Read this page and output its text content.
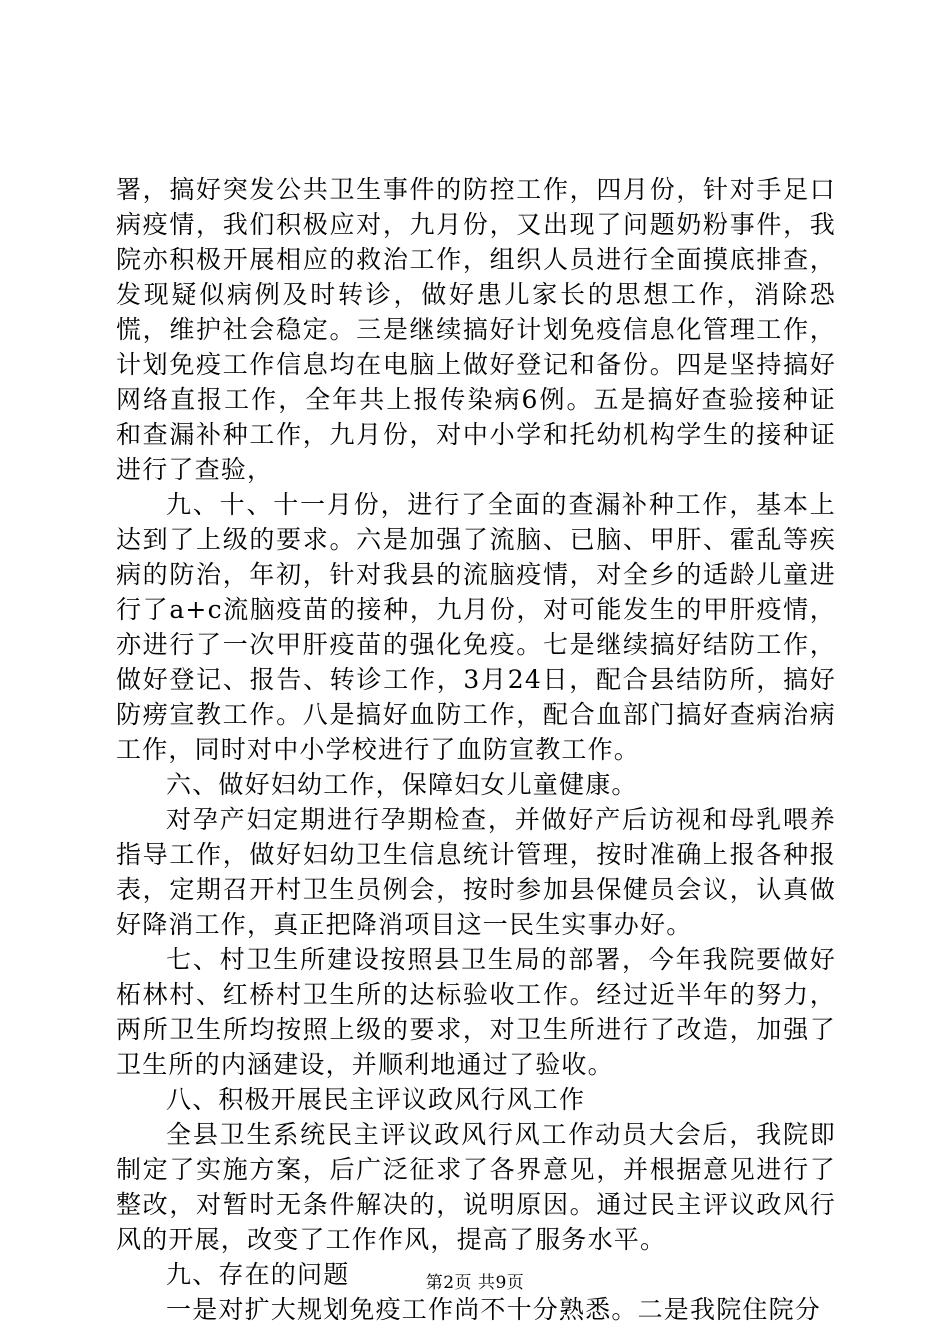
署，搞好突发公共卫生事件的防控工作，四月份，针对手足口病疫情，我们积极应对，九月份，又出现了问题奶粉事件，我院亦积极开展相应的救治工作，组织人员进行全面摸底排查，发现疑似病例及时转诊，做好患儿家长的思想工作，消除恐慌，维护社会稳定。三是继续搞好计划免疫信息化管理工作，计划免疫工作信息均在电脑上做好登记和备份。四是坚持搞好网络直报工作，全年共上报传染病6例。五是搞好查验接种证和查漏补种工作，九月份，对中小学和托幼机构学生的接种证进行了查验，

九、十、十一月份，进行了全面的查漏补种工作，基本上达到了上级的要求。六是加强了流脑、已脑、甲肝、霍乱等疾病的防治，年初，针对我县的流脑疫情，对全乡的适龄儿童进行了a+c流脑疫苗的接种，九月份，对可能发生的甲肝疫情，亦进行了一次甲肝疫苗的强化免疫。七是继续搞好结防工作，做好登记、报告、转诊工作，3月24日，配合县结防所，搞好防痨宣教工作。八是搞好血防工作，配合血部门搞好查病治病工作，同时对中小学校进行了血防宣教工作。

六、做好妇幼工作，保障妇女儿童健康。

对孕产妇定期进行孕期检查，并做好产后访视和母乳喂养指导工作，做好妇幼卫生信息统计管理，按时准确上报各种报表，定期召开村卫生员例会，按时参加县保健员会议，认真做好降消工作，真正把降消项目这一民生实事办好。

七、村卫生所建设按照县卫生局的部署，今年我院要做好柘林村、红桥村卫生所的达标验收工作。经过近半年的努力，两所卫生所均按照上级的要求，对卫生所进行了改造，加强了卫生所的内涵建设，并顺利地通过了验收。

八、积极开展民主评议政风行风工作

全县卫生系统民主评议政风行风工作动员大会后，我院即制定了实施方案，后广泛征求了各界意见，并根据意见进行了整改，对暂时无条件解决的，说明原因。通过民主评议政风行风的开展，改变了工作作风，提高了服务水平。

九、存在的问题

一是对扩大规划免疫工作尚不十分熟悉。二是我院住院分

第2页 共9页
